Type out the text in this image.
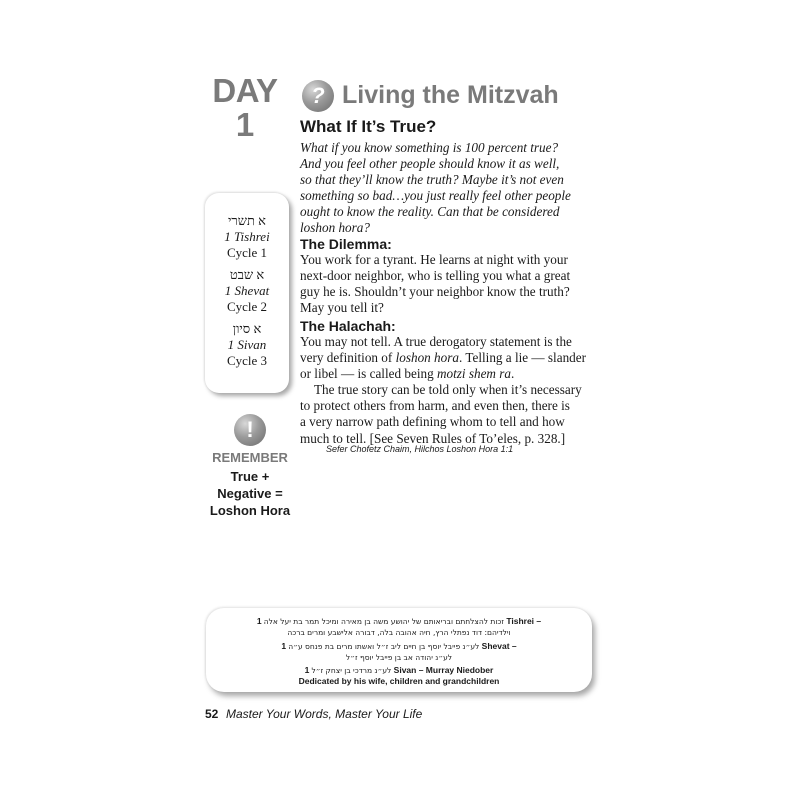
DAY
1
? Living the Mitzvah
What If It’s True?
What if you know something is 100 percent true?
And you feel other people should know it as well,
so that they’ll know the truth? Maybe it’s not even
something so bad…you just really feel other people
ought to know the reality. Can that be considered
loshon hora?
The Dilemma:
You work for a tyrant. He learns at night with your
next-door neighbor, who is telling you what a great
guy he is. Shouldn’t your neighbor know the truth?
May you tell it?
The Halachah:
You may not tell. A true derogatory statement is the
very definition of loshon hora. Telling a lie — slander
or libel — is called being motzi shem ra.
The true story can be told only when it’s necessary
to protect others from harm, and even then, there is
a very narrow path defining whom to tell and how
much to tell. [See Seven Rules of To’eles, p. 328.]
Sefer Chofetz Chaim, Hilchos Loshon Hora 1:1
א תשרי
1 Tishrei
Cycle 1
א שבט
1 Shevat
Cycle 2
א סיון
1 Sivan
Cycle 3
!
REMEMBER
True +
Negative =
Loshon Hora
זכות להצלחתם ובריאותם של יהושע משה בן מאירה ומיכל תמר בת יעל אלה 1 Tishrei –
וילדיהם: דוד נפתלי הרץ, חיה אהובה בלה, דבורה אלישבע ומרים ברכה
לע״נ פייבל יוסף בן חיים ליב ז״ל ואשתו מרים בת פנחס ע״ה 1 Shevat –
לע״נ יהודה אב בן פייבל יוסף ז״ל
לע״נ מרדכי בן יצחק ז״ל 1 Sivan – Murray Niedober
Dedicated by his wife, children and grandchildren
52 Master Your Words, Master Your Life
